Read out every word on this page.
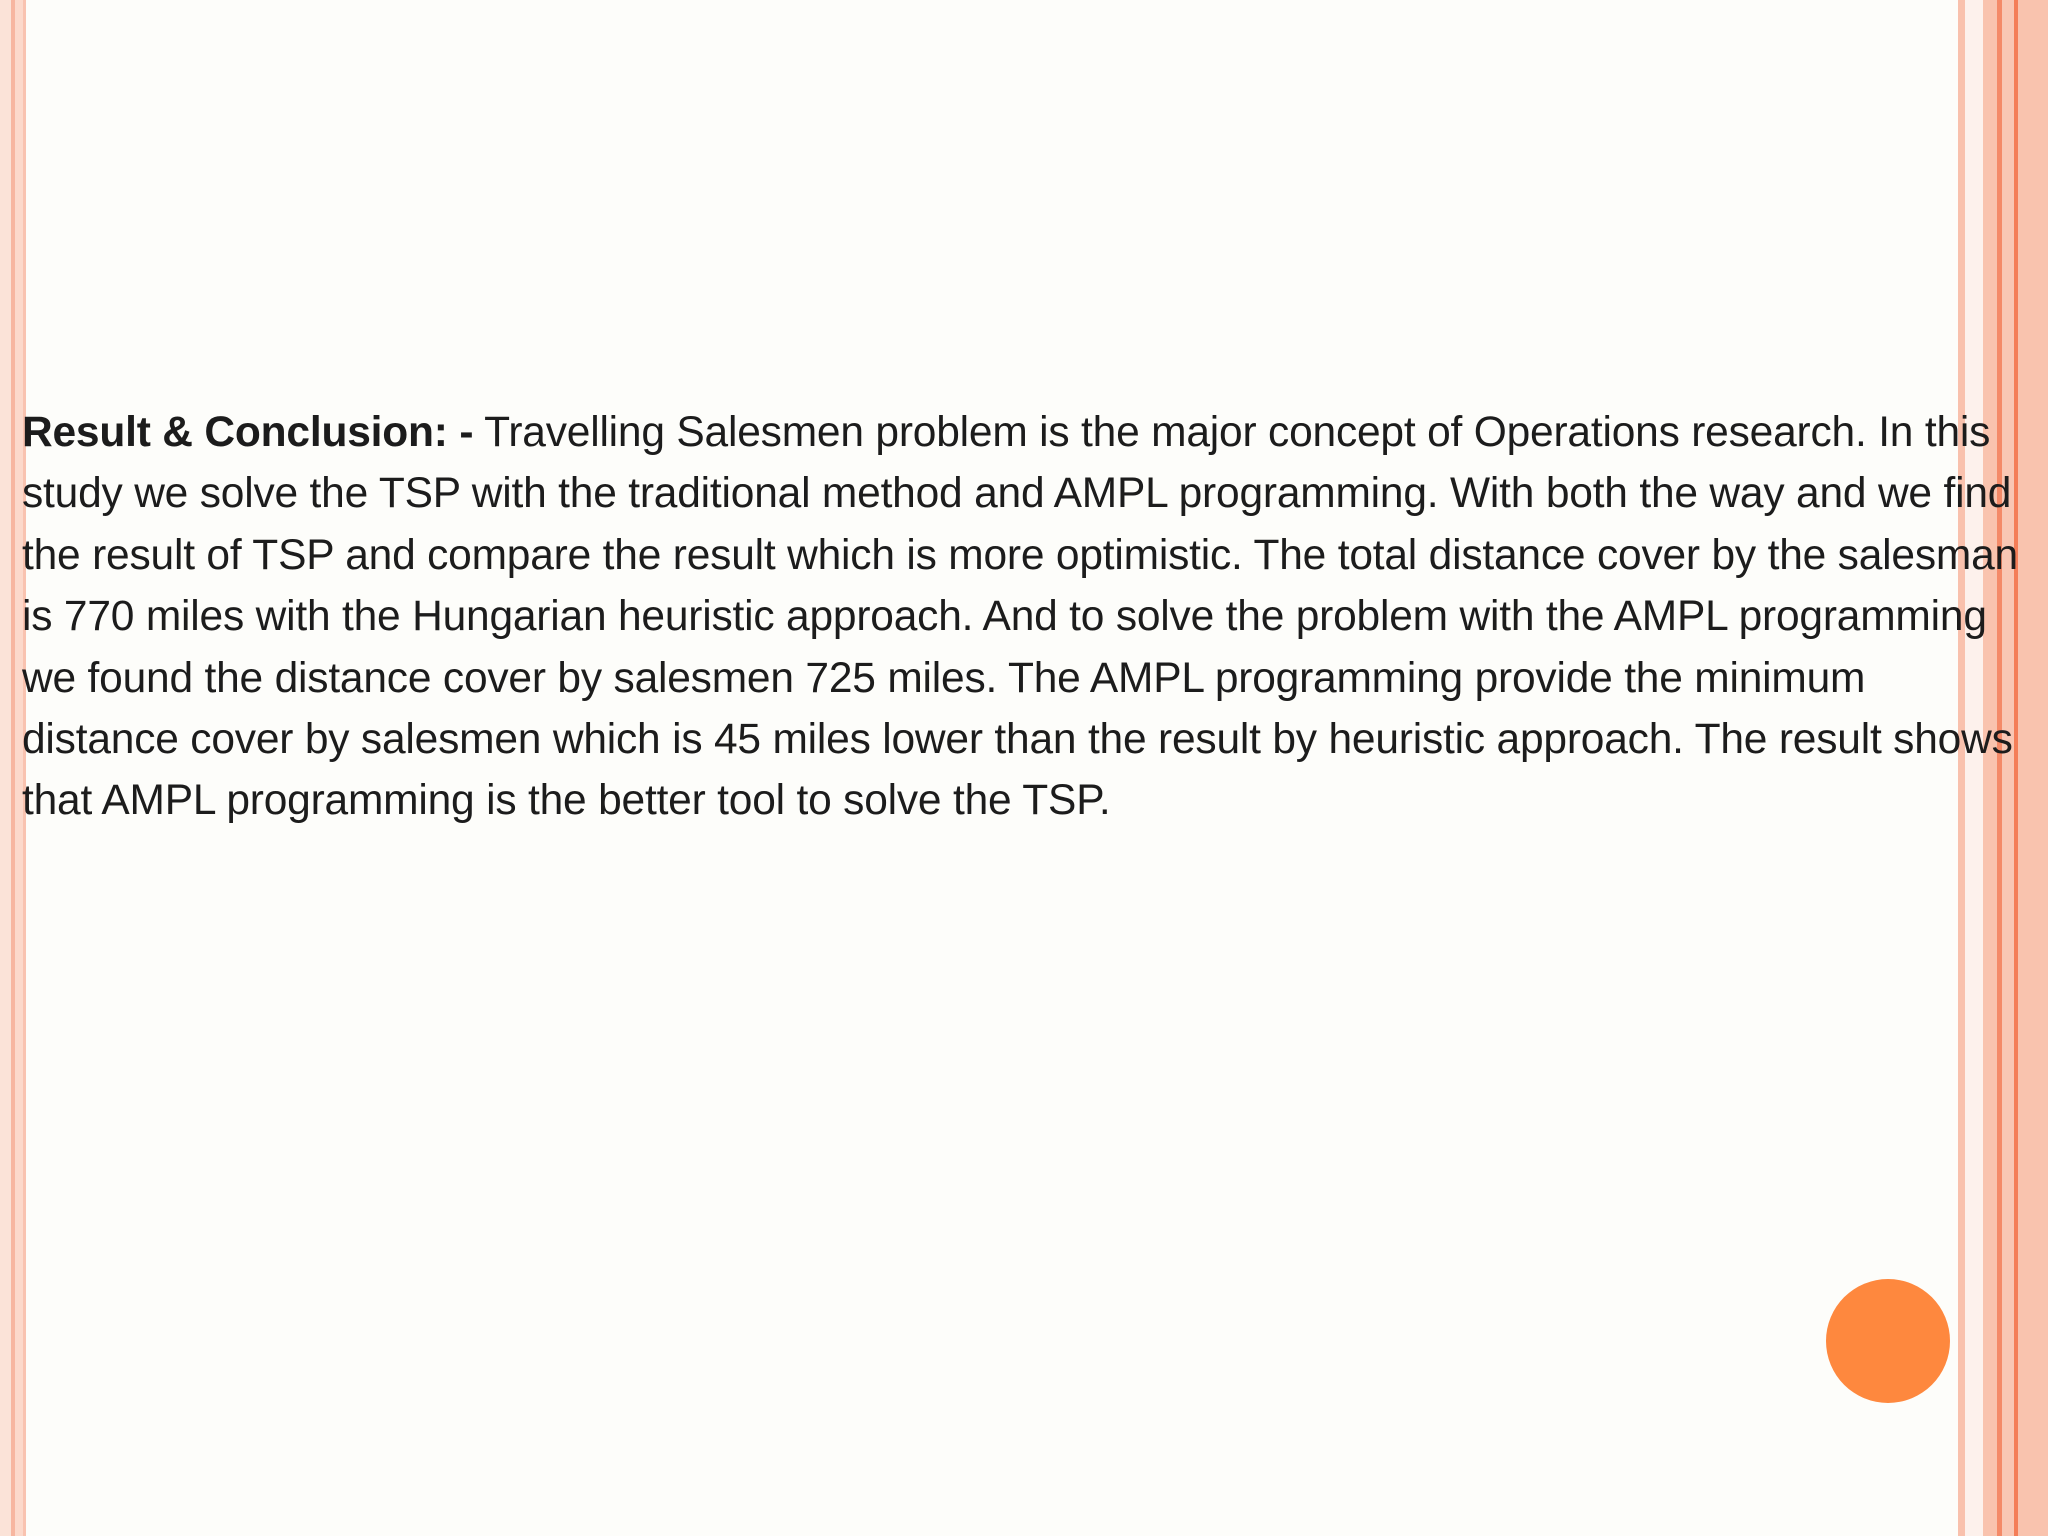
Result & Conclusion: - Travelling Salesmen problem is the major concept of Operations research. In this study we solve the TSP with the traditional method and AMPL programming. With both the way and we find the result of TSP and compare the result which is more optimistic. The total distance cover by the salesman is 770 miles with the Hungarian heuristic approach. And to solve the problem with the AMPL programming we found the distance cover by salesmen 725 miles. The AMPL programming provide the minimum distance cover by salesmen which is 45 miles lower than the result by heuristic approach. The result shows that AMPL programming is the better tool to solve the TSP.
